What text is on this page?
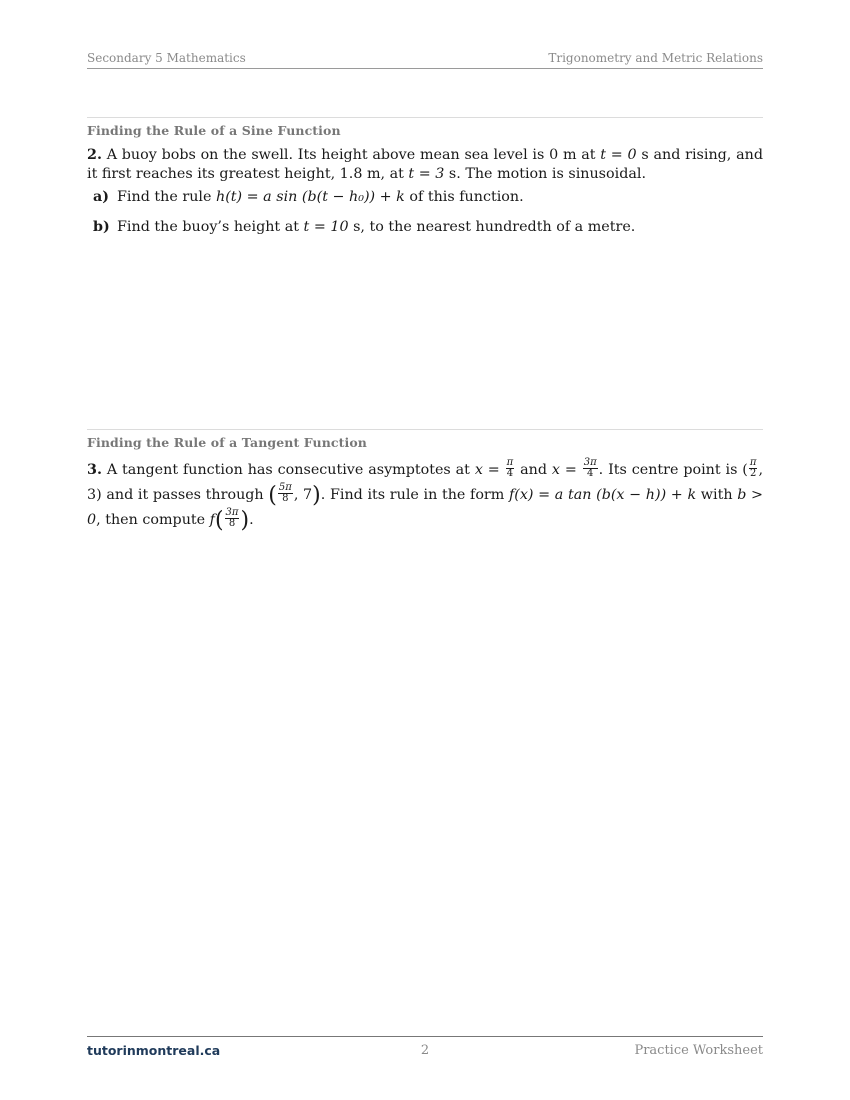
Secondary 5 Mathematics	Trigonometry and Metric Relations
Finding the Rule of a Sine Function
2. A buoy bobs on the swell. Its height above mean sea level is 0 m at t = 0 s and rising, and it first reaches its greatest height, 1.8 m, at t = 3 s. The motion is sinusoidal.
a) Find the rule h(t) = a sin (b(t − h₀)) + k of this function.
b) Find the buoy’s height at t = 10 s, to the nearest hundredth of a metre.
Finding the Rule of a Tangent Function
3. A tangent function has consecutive asymptotes at $x = \frac{\pi}{4}$ and $x = \frac{3\pi}{4}$ . Its centre point is ( $\frac{\pi}{2}$ , 3) and it passes through ( $\frac{5\pi}{8}$ , 7). Find its rule in the form f(x) = a tan (b(x − h)) + k with b > 0, then compute $f( \frac{3\pi}{8}$ ).
tutorinmontreal.ca	2	Practice Worksheet
